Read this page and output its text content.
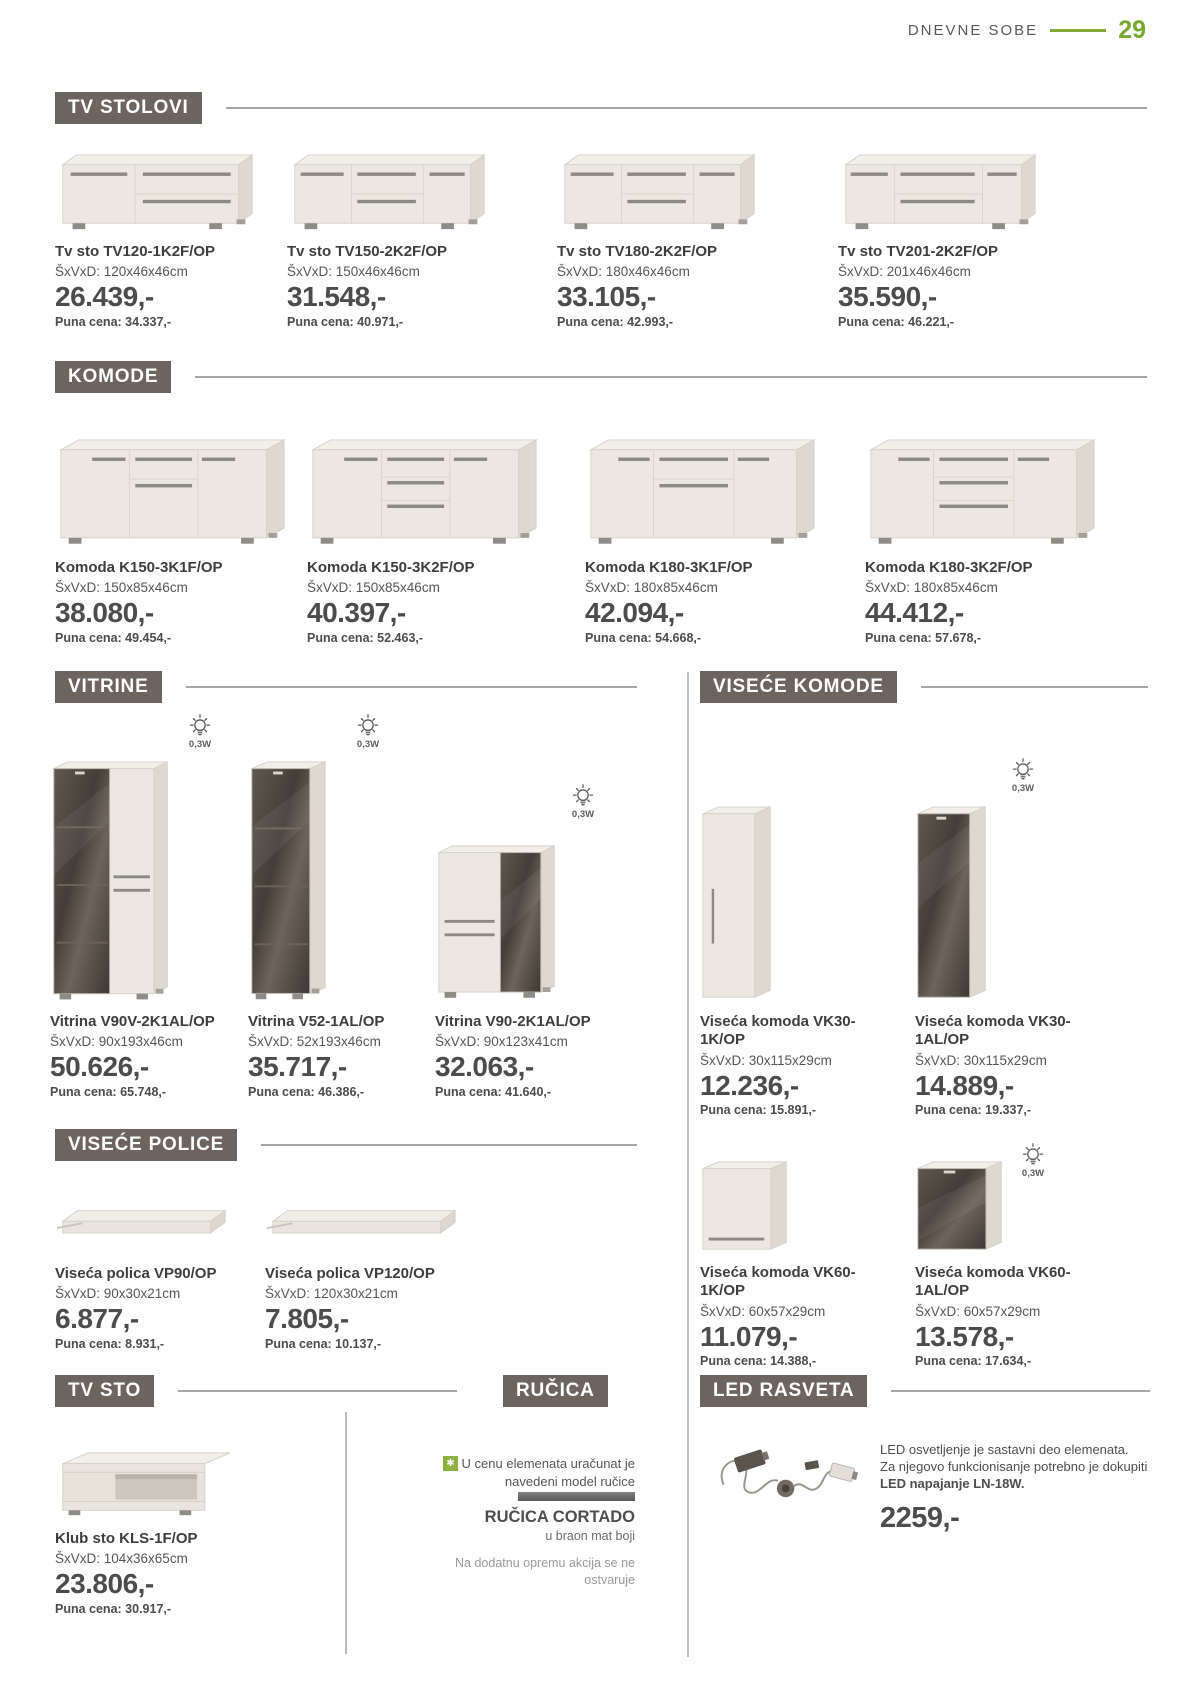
DNEVNE SOBE	29
TV STOLOVI
KOMODE
VITRINE	VISEĆE KOMODE
VISEĆE POLICE
TV STO	RUČICA	LED RASVETA
Tv sto TV120-1K2F/OP
ŠxVxD: 120x46x46cm
26.439,-
Puna cena: 34.337,-
Tv sto TV150-2K2F/OP
ŠxVxD: 150x46x46cm
31.548,-
Puna cena: 40.971,-
Tv sto TV180-2K2F/OP
ŠxVxD: 180x46x46cm
33.105,-
Puna cena: 42.993,-
Tv sto TV201-2K2F/OP
ŠxVxD: 201x46x46cm
35.590,-
Puna cena: 46.221,-
Komoda K150-3K1F/OP
ŠxVxD: 150x85x46cm
38.080,-
Puna cena: 49.454,-
Komoda K150-3K2F/OP
ŠxVxD: 150x85x46cm
40.397,-
Puna cena: 52.463,-
Komoda K180-3K1F/OP
ŠxVxD: 180x85x46cm
42.094,-
Puna cena: 54.668,-
Komoda K180-3K2F/OP
ŠxVxD: 180x85x46cm
44.412,-
Puna cena: 57.678,-
0,3W
Vitrina V90V-2K1AL/OP
ŠxVxD: 90x193x46cm
50.626,-
Puna cena: 65.748,-
0,3W
Vitrina V52-1AL/OP
ŠxVxD: 52x193x46cm
35.717,-
Puna cena: 46.386,-
0,3W
Vitrina V90-2K1AL/OP
ŠxVxD: 90x123x41cm
32.063,-
Puna cena: 41.640,-
Viseća komoda VK30-1K/OP
ŠxVxD: 30x115x29cm
12.236,-
Puna cena: 15.891,-
0,3W
Viseća komoda VK30-1AL/OP
ŠxVxD: 30x115x29cm
14.889,-
Puna cena: 19.337,-
Viseća komoda VK60-1K/OP
ŠxVxD: 60x57x29cm
11.079,-
Puna cena: 14.388,-
0,3W
Viseća komoda VK60-1AL/OP
ŠxVxD: 60x57x29cm
13.578,-
Puna cena: 17.634,-
Viseća polica VP90/OP
ŠxVxD: 90x30x21cm
6.877,-
Puna cena: 8.931,-
Viseća polica VP120/OP
ŠxVxD: 120x30x21cm
7.805,-
Puna cena: 10.137,-
Klub sto KLS-1F/OP
ŠxVxD: 104x36x65cm
23.806,-
Puna cena: 30.917,-
✱ U cenu elemenata uračunat je navedeni model ručice
RUČICA CORTADO
u braon mat boji
Na dodatnu opremu akcija se ne ostvaruje
LED osvetljenje je sastavni deo elemenata.
Za njegovo funkcionisanje potrebno je dokupiti
LED napajanje LN-18W.
2259,-
